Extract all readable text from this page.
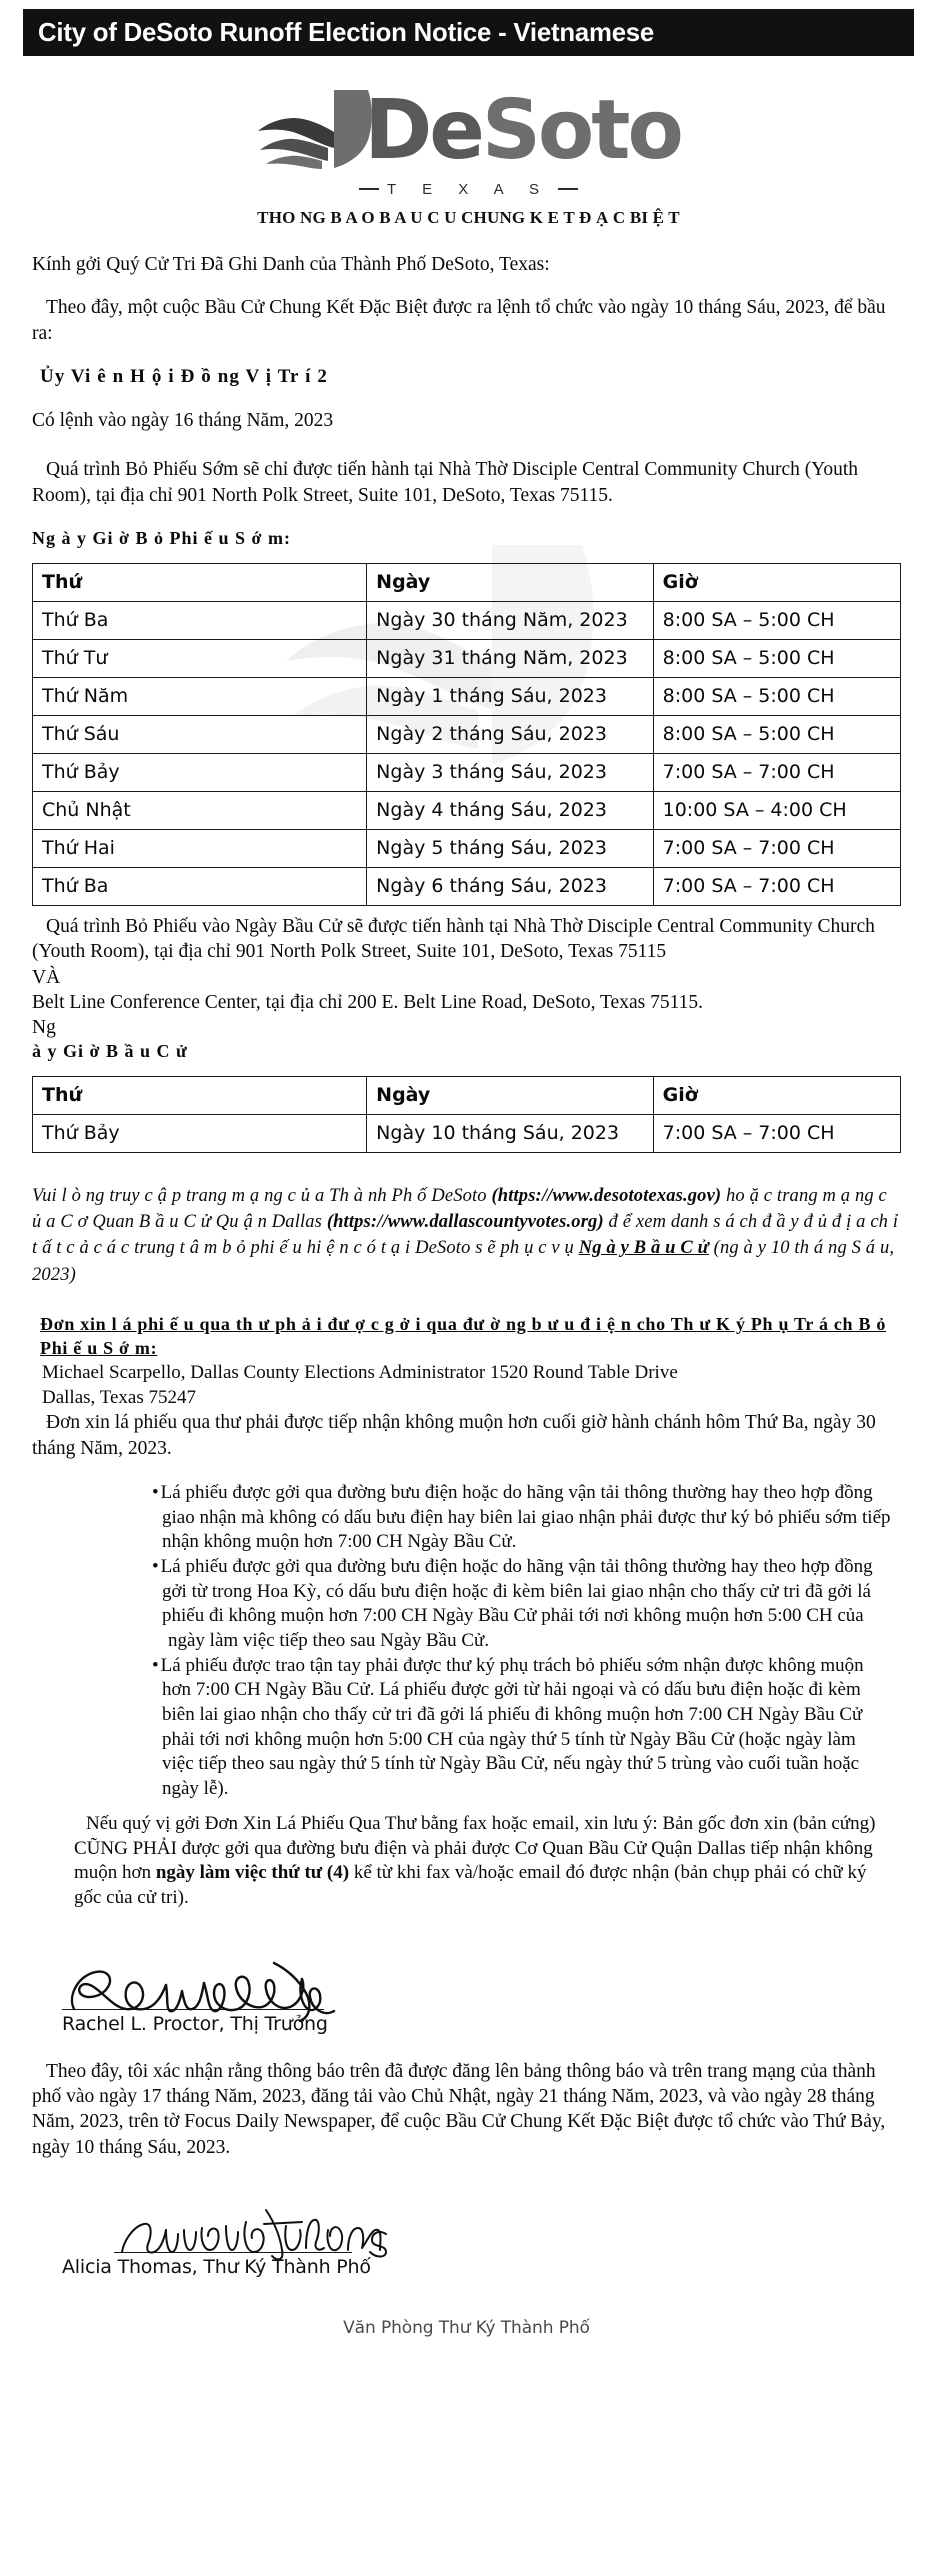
City of DeSoto Runoff Election Notice - Vietnamese
DeSoto
T E X A S
THO NG B A O B A U C U CHUNG K E T Đ Ạ C BI Ệ T

Kính gởi Quý Cử Tri Đã Ghi Danh của Thành Phố DeSoto, Texas:

Theo đây, một cuộc Bầu Cử Chung Kết Đặc Biệt được ra lệnh tổ chức vào ngày 10 tháng Sáu, 2023, để bầu ra:

Ủy Vi ê n H ộ i Đ ồ ng V ị Tr í 2

Có lệnh vào ngày 16 tháng Năm, 2023

Quá trình Bỏ Phiếu Sớm sẽ chỉ được tiến hành tại Nhà Thờ Disciple Central Community Church (Youth Room), tại địa chỉ 901 North Polk Street, Suite 101, DeSoto, Texas 75115.

Ng à y Gi ờ B ỏ Phi ế u S ớ m:

Thứ	Ngày	Giờ
Thứ Ba	Ngày 30 tháng Năm, 2023	8:00 SA – 5:00 CH
Thứ Tư	Ngày 31 tháng Năm, 2023	8:00 SA – 5:00 CH
Thứ Năm	Ngày 1 tháng Sáu, 2023	8:00 SA – 5:00 CH
Thứ Sáu	Ngày 2 tháng Sáu, 2023	8:00 SA – 5:00 CH
Thứ Bảy	Ngày 3 tháng Sáu, 2023	7:00 SA – 7:00 CH
Chủ Nhật	Ngày 4 tháng Sáu, 2023	10:00 SA – 4:00 CH
Thứ Hai	Ngày 5 tháng Sáu, 2023	7:00 SA – 7:00 CH
Thứ Ba	Ngày 6 tháng Sáu, 2023	7:00 SA – 7:00 CH

Quá trình Bỏ Phiếu vào Ngày Bầu Cử sẽ được tiến hành tại Nhà Thờ Disciple Central Community Church (Youth Room), tại địa chỉ 901 North Polk Street, Suite 101, DeSoto, Texas 75115

VÀ

Belt Line Conference Center, tại địa chỉ 200 E. Belt Line Road, DeSoto, Texas 75115.

Ng

à y Gi ờ B ầ u C ử

Thứ	Ngày	Giờ
Thứ Bảy	Ngày 10 tháng Sáu, 2023	7:00 SA – 7:00 CH

Vui l ò ng truy c ậ p trang m ạ ng c ủ a Th à nh Ph ố DeSoto (https://www.desototexas.gov) ho ặ c trang m ạ ng c ủ a C ơ Quan B ầ u C ử Qu ậ n Dallas (https://www.dallascountyvotes.org) đ ể xem danh s á ch đ ầ y đ ủ đ ị a ch ỉ t ấ t c ả c á c trung t â m b ỏ phi ế u hi ệ n c ó t ạ i DeSoto s ẽ ph ụ c v ụ Ng à y B ầ u C ử (ng à y 10 th á ng S á u, 2023)

Đơn xin l á phi ế u qua th ư ph ả i đư ợ c g ở i qua đư ờ ng b ư u đ i ệ n cho Th ư K ý Ph ụ Tr á ch B ỏ Phi ế u S ớ m:

Michael Scarpello, Dallas County Elections Administrator 1520 Round Table Drive

Dallas, Texas 75247

Đơn xin lá phiếu qua thư phải được tiếp nhận không muộn hơn cuối giờ hành chánh hôm Thứ Ba, ngày 30 tháng Năm, 2023.

• Lá phiếu được gởi qua đường bưu điện hoặc do hãng vận tải thông thường hay theo hợp đồng giao nhận mà không có dấu bưu điện hay biên lai giao nhận phải được thư ký bỏ phiếu sớm tiếp nhận không muộn hơn 7:00 CH Ngày Bầu Cử.
• Lá phiếu được gởi qua đường bưu điện hoặc do hãng vận tải thông thường hay theo hợp đồng gởi từ trong Hoa Kỳ, có dấu bưu điện hoặc đi kèm biên lai giao nhận cho thấy cử tri đã gởi lá phiếu đi không muộn hơn 7:00 CH Ngày Bầu Cử phải tới nơi không muộn hơn 5:00 CH của
ngày làm việc tiếp theo sau Ngày Bầu Cử.
• Lá phiếu được trao tận tay phải được thư ký phụ trách bỏ phiếu sớm nhận được không muộn hơn 7:00 CH Ngày Bầu Cử. Lá phiếu được gởi từ hải ngoại và có dấu bưu điện hoặc đi kèm biên lai giao nhận cho thấy cử tri đã gởi lá phiếu đi không muộn hơn 7:00 CH Ngày Bầu Cử phải tới nơi không muộn hơn 5:00 CH của ngày thứ 5 tính từ Ngày Bầu Cử (hoặc ngày làm việc tiếp theo sau ngày thứ 5 tính từ Ngày Bầu Cử, nếu ngày thứ 5 trùng vào cuối tuần hoặc ngày lễ).

Nếu quý vị gởi Đơn Xin Lá Phiếu Qua Thư bằng fax hoặc email, xin lưu ý: Bản gốc đơn xin (bản cứng) CŨNG PHẢI được gởi qua đường bưu điện và phải được Cơ Quan Bầu Cử Quận Dallas tiếp nhận không muộn hơn ngày làm việc thứ tư (4) kể từ khi fax và/hoặc email đó được nhận (bản chụp phải có chữ ký gốc của cử tri).

Rachel L. Proctor, Thị Trưởng

Theo đây, tôi xác nhận rằng thông báo trên đã được đăng lên bảng thông báo và trên trang mạng của thành phố vào ngày 17 tháng Năm, 2023, đăng tải vào Chủ Nhật, ngày 21 tháng Năm, 2023, và vào ngày 28 tháng Năm, 2023, trên tờ Focus Daily Newspaper, để cuộc Bầu Cử Chung Kết Đặc Biệt được tổ chức vào Thứ Bảy, ngày 10 tháng Sáu, 2023.

Alicia Thomas, Thư Ký Thành Phố
Văn Phòng Thư Ký Thành Phố
